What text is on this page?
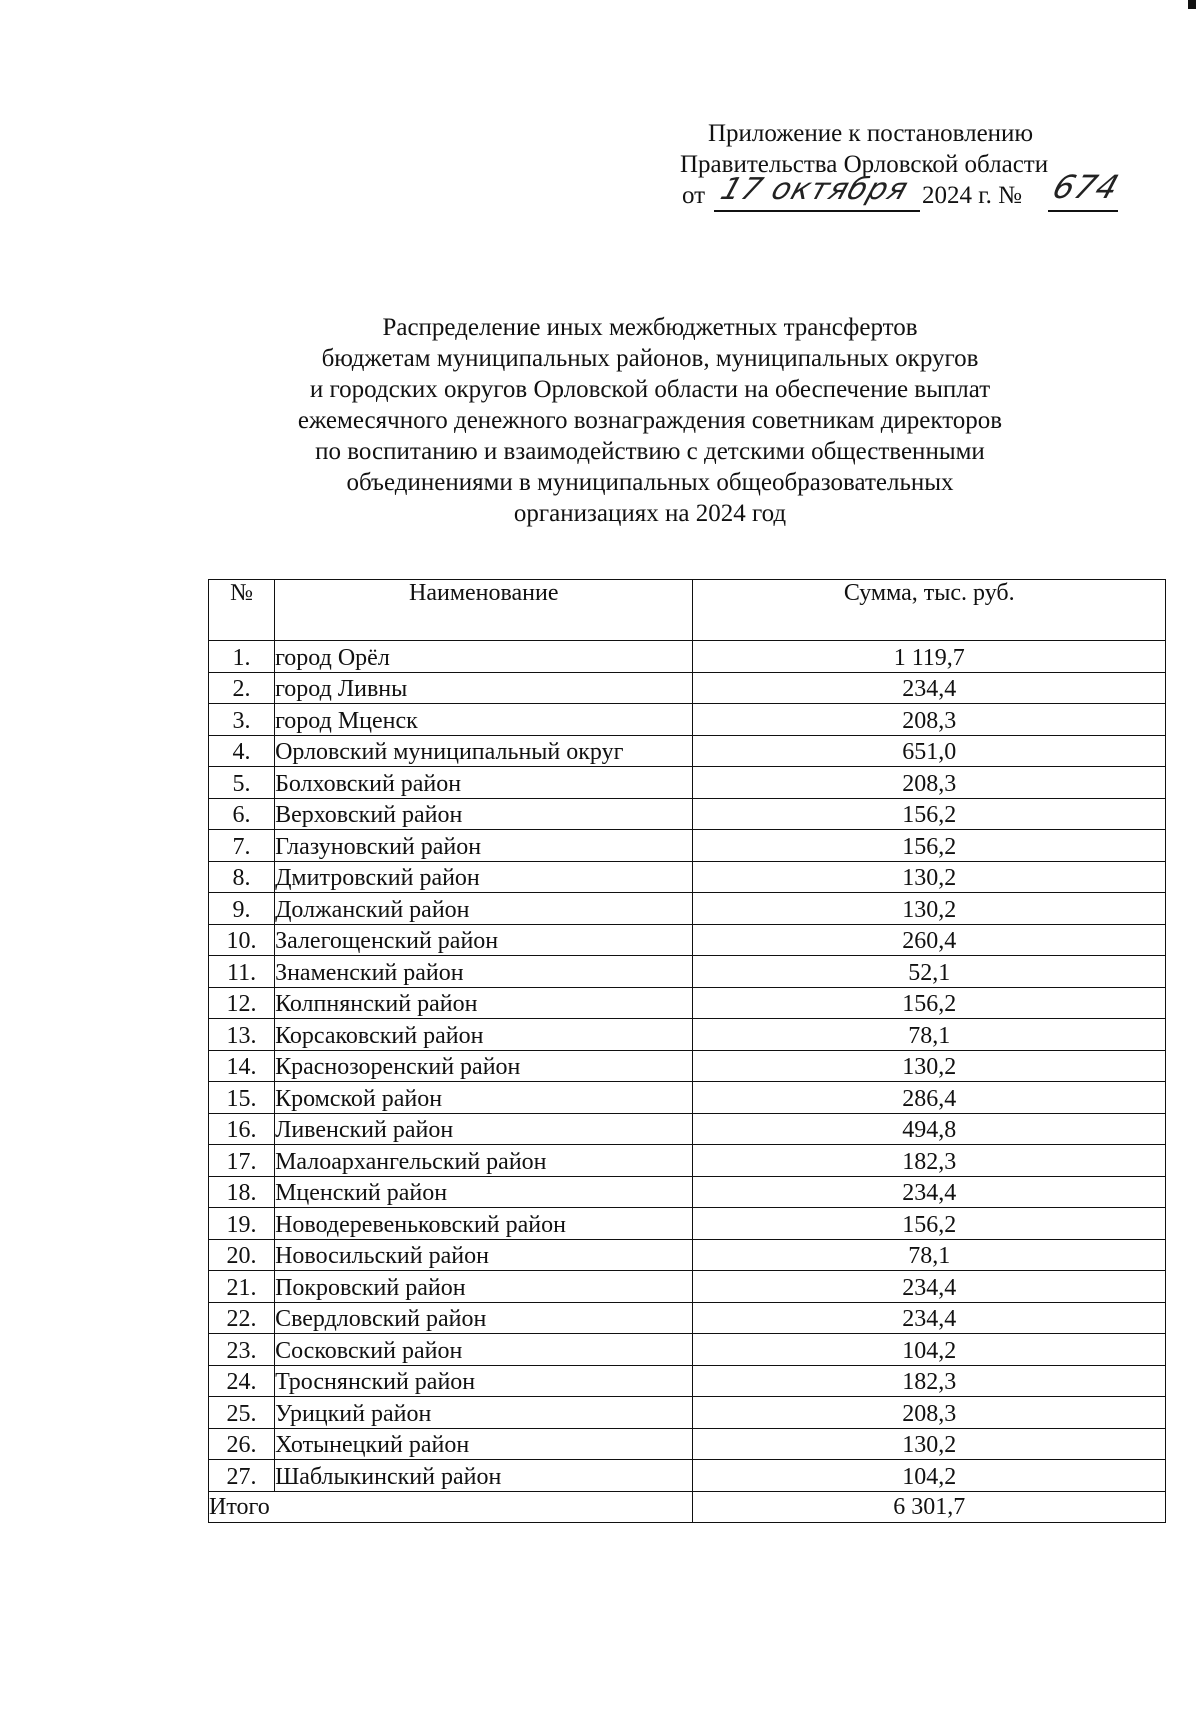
Приложение к постановлению
Правительства Орловской области
от 17 октября 2024 г. № 674
Распределение иных межбюджетных трансфертов
бюджетам муниципальных районов, муниципальных округов
и городских округов Орловской области на обеспечение выплат
ежемесячного денежного вознаграждения советникам директоров
по воспитанию и взаимодействию с детскими общественными
объединениями в муниципальных общеобразовательных
организациях на 2024 год
№	Наименование	Сумма, тыс. руб.
1.	город Орёл	1 119,7
2.	город Ливны	234,4
3.	город Мценск	208,3
4.	Орловский муниципальный округ	651,0
5.	Болховский район	208,3
6.	Верховский район	156,2
7.	Глазуновский район	156,2
8.	Дмитровский район	130,2
9.	Должанский район	130,2
10.	Залегощенский район	260,4
11.	Знаменский район	52,1
12.	Колпнянский район	156,2
13.	Корсаковский район	78,1
14.	Краснозоренский район	130,2
15.	Кромской район	286,4
16.	Ливенский район	494,8
17.	Малоархангельский район	182,3
18.	Мценский район	234,4
19.	Новодеревеньковский район	156,2
20.	Новосильский район	78,1
21.	Покровский район	234,4
22.	Свердловский район	234,4
23.	Сосковский район	104,2
24.	Троснянский район	182,3
25.	Урицкий район	208,3
26.	Хотынецкий район	130,2
27.	Шаблыкинский район	104,2
Итого		6 301,7
